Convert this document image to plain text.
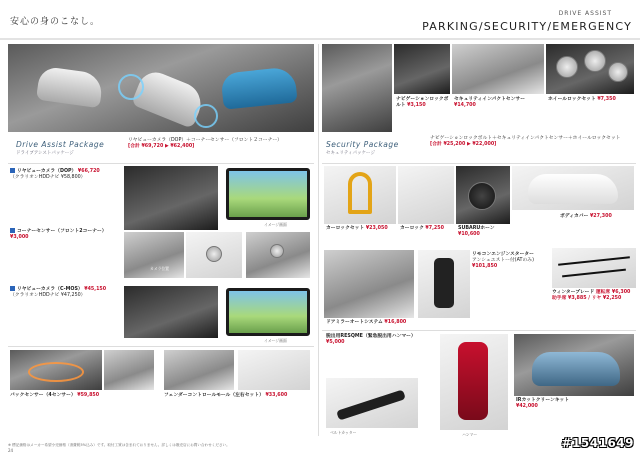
安心の身のこなし。
DRIVE ASSIST
PARKING/SECURITY/EMERGENCY
Drive Assist Package
ドライブアシストパッケージ
リヤビューカメラ（DOP）＋コーナーセンサー（フロント２コーナー）
[合計 ¥69,720 ▶ ¥62,400]
リヤビューカメラ（DOP） ¥66,720
（クラリオンHDDナビ ¥58,800）
イメージ画面
コーナーセンサー（フロント2コーナー）
¥3,000
カメラ位置
リヤビューカメラ（C-MOS） ¥45,150
（クラリオンHDDナビ ¥47,250）
イメージ画面
バックセンサー（4センサー） ¥59,850	フェンダーコントロールモール（左右セット） ¥33,600
ナビゲーションロックボルト ¥3,150
セキュリティインパクトセンサー ¥14,700
ホイールロックセット ¥7,350
Security Package
セキュリティパッケージ
ナビゲーションロックボルト＋セキュリティインパクトセンサー＋ホイールロックセット
[合計 ¥25,200 ▶ ¥22,000]
カーロックセット ¥23,050	カーロック ¥7,250	SUBARUホーン ¥10,600
ボディカバー ¥27,300
ドアミラーオートシステム ¥16,800
リモコンエンジンスターター
アンシュエストー付(ATのみ)
¥101,850
ウィンターブレード 運転席 ¥6,300
助手席 ¥3,885 / リヤ ¥2,250
脱出用RESQME（緊急脱出用ハンマー）
¥5,000
ベルトカッター	ハンマー
IRカットクリーンキット
¥42,000
※ 標記価格はメーカー希望小売価格（消費税5%込み）です。取付工賃は含まれておりません。詳しくは販売店にお問い合わせください。
24
#1541649
